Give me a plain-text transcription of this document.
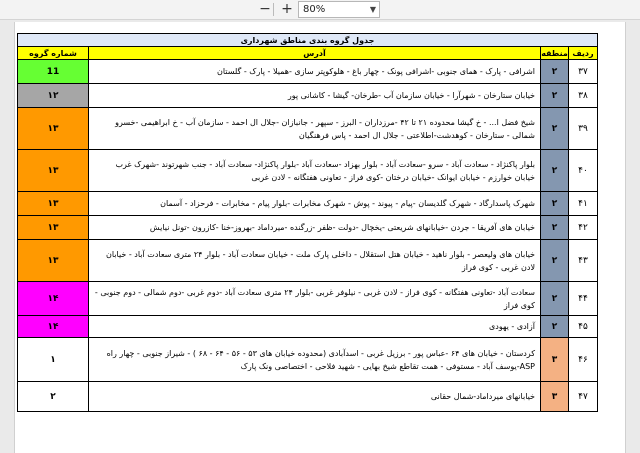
− +	80%	▼
جدول گروه بندی مناطق شهرداری			
ردیف	منطقه	آدرس	شماره گروه
۳۷	۲	اشرافی - پارک - همای جنوبی -اشرافی پونک - چهار باغ - هلوکوپتر سازی -همیلا - پارک - گلستان	11
۳۸	۲	خیابان ستارخان - شهرآرا - خیابان سازمان آب -طرخان- گیشا - کاشانی پور	۱۲
۳۹	۲	شیخ فضل ا... - خ گیشا محدوده ۲۱ تا ۴۲ -مرزداران - البرز - سپهر - جانبازان -جلال ال احمد - سازمان آب - خ ابراهیمی -خسرو شمالی - ستارخان - کوهدشت-اطلاعتی - جلال ال احمد - پاس فرهنگیان	۱۳
۴۰	۲	بلوار پاکنژاد - سعادت آباد - سرو -سعادت آباد - بلوار بهزاد -سعادت آباد -بلوار پاکنژاد- سعادت آباد - جنب شهرتوند -شهرک غرب خیابان خوارزم - خیابان ایوانک -خیابان درختان -کوی فراز - تعاونی هفتگانه - لادن غربی	۱۳
۴۱	۲	شهرک پاسدارگاد - شهرک گلدیسان -پیام - پیوند - پوش - شهرک مخابرات -بلوار پیام - مخابرات - فرحزاد - آسمان	۱۳
۴۲	۲	خیابان های آفریقا - جردن -خیابانهای شریعتی -یخچال -دولت -ظفر -زرگنده -میرداماد -بهروز-خنا -کازرون -تونل نیایش	۱۳
۴۳	۲	خیابان های ولیعصر - بلوار ناهید - خیابان هتل استقلال - داخلی پارک ملت - خیابان سعادت آباد - بلوار ۲۴ متری سعادت آباد - خیابان لادن غربی - کوی فراز	۱۳
۴۴	۲	سعادت آباد -تعاونی هفتگانه - کوی فراز - لادن غربی - نیلوفر غربی -بلوار ۲۴ متری سعادت آباد -دوم غربی -دوم شمالی - دوم جنوبی - کوی فراز	۱۴
۴۵	۲	آزادی - یهودی	۱۴
۴۶	۳	کردستان - خیابان های ۶۴ -عباس پور - برزیل غربی - اسدآبادی (محدوده خیابان های ۵۳ - ۵۶ - ۶۴ - ۶۸ ) - شیراز جنوبی - چهار راه ASP-یوسف آباد - مستوفی - همت تقاطع شیخ بهایی - شهید فلاحی - اختصاصی ونک پارک	۱
۴۷	۳	خیابانهای میرداماد-شمال حقانی	۲
